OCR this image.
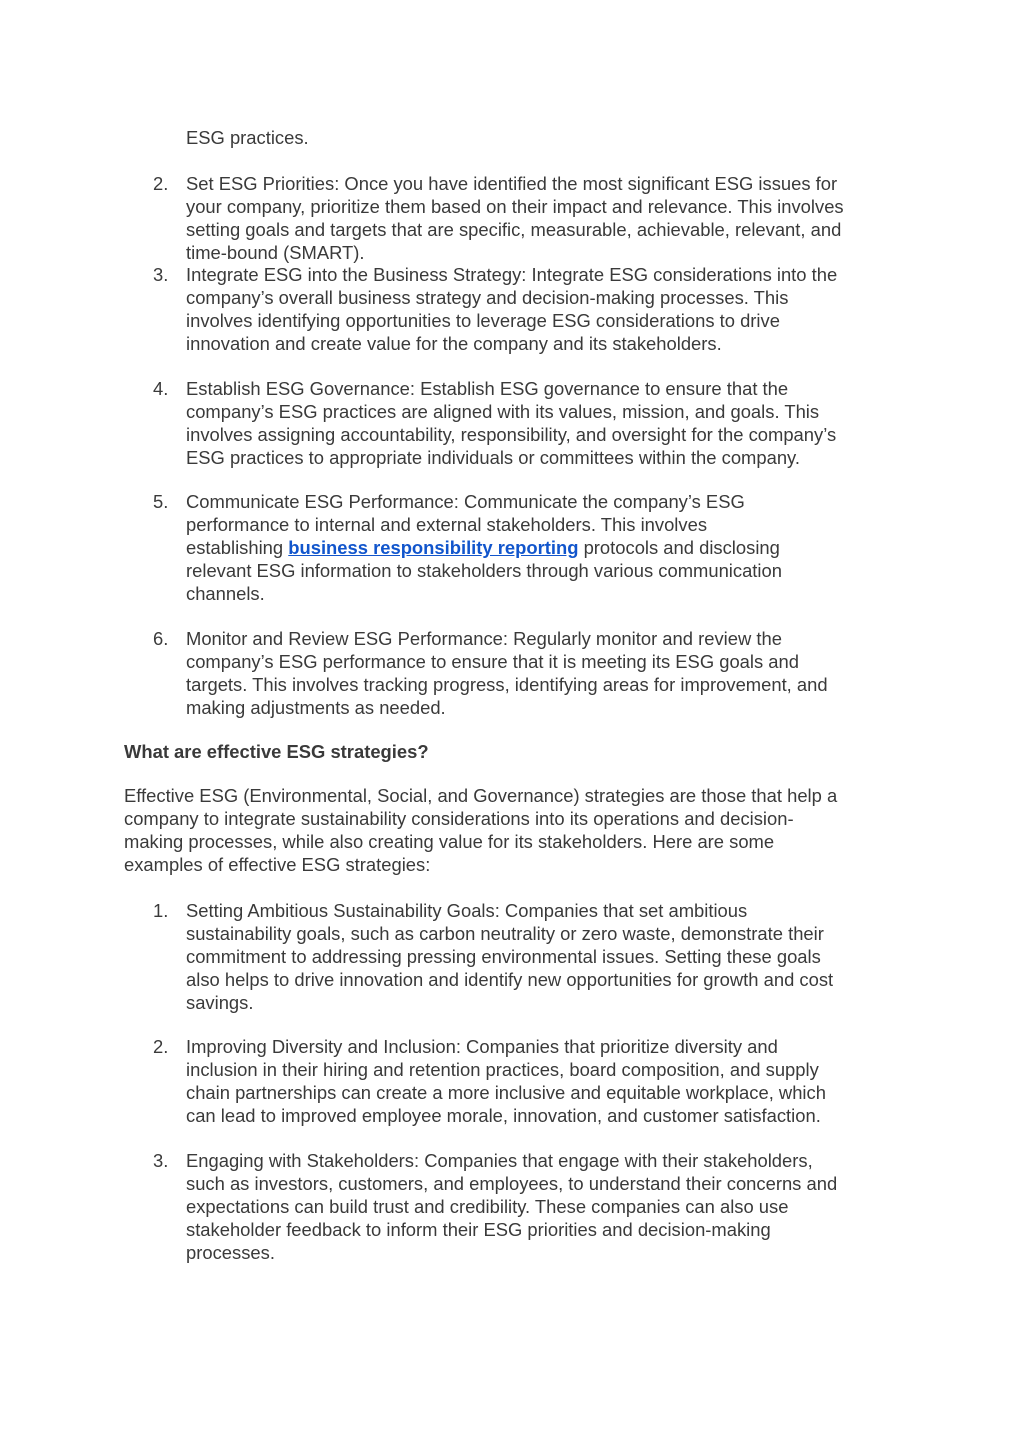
ESG practices.
2. Set ESG Priorities: Once you have identified the most significant ESG issues for
your company, prioritize them based on their impact and relevance. This involves
setting goals and targets that are specific, measurable, achievable, relevant, and
time-bound (SMART).
3. Integrate ESG into the Business Strategy: Integrate ESG considerations into the
company’s overall business strategy and decision-making processes. This
involves identifying opportunities to leverage ESG considerations to drive
innovation and create value for the company and its stakeholders.
4. Establish ESG Governance: Establish ESG governance to ensure that the
company’s ESG practices are aligned with its values, mission, and goals. This
involves assigning accountability, responsibility, and oversight for the company’s
ESG practices to appropriate individuals or committees within the company.
5. Communicate ESG Performance: Communicate the company’s ESG
performance to internal and external stakeholders. This involves
establishing business responsibility reporting protocols and disclosing
relevant ESG information to stakeholders through various communication
channels.
6. Monitor and Review ESG Performance: Regularly monitor and review the
company’s ESG performance to ensure that it is meeting its ESG goals and
targets. This involves tracking progress, identifying areas for improvement, and
making adjustments as needed.
What are effective ESG strategies?
Effective ESG (Environmental, Social, and Governance) strategies are those that help a
company to integrate sustainability considerations into its operations and decision-
making processes, while also creating value for its stakeholders. Here are some
examples of effective ESG strategies:
1. Setting Ambitious Sustainability Goals: Companies that set ambitious
sustainability goals, such as carbon neutrality or zero waste, demonstrate their
commitment to addressing pressing environmental issues. Setting these goals
also helps to drive innovation and identify new opportunities for growth and cost
savings.
2. Improving Diversity and Inclusion: Companies that prioritize diversity and
inclusion in their hiring and retention practices, board composition, and supply
chain partnerships can create a more inclusive and equitable workplace, which
can lead to improved employee morale, innovation, and customer satisfaction.
3. Engaging with Stakeholders: Companies that engage with their stakeholders,
such as investors, customers, and employees, to understand their concerns and
expectations can build trust and credibility. These companies can also use
stakeholder feedback to inform their ESG priorities and decision-making
processes.
